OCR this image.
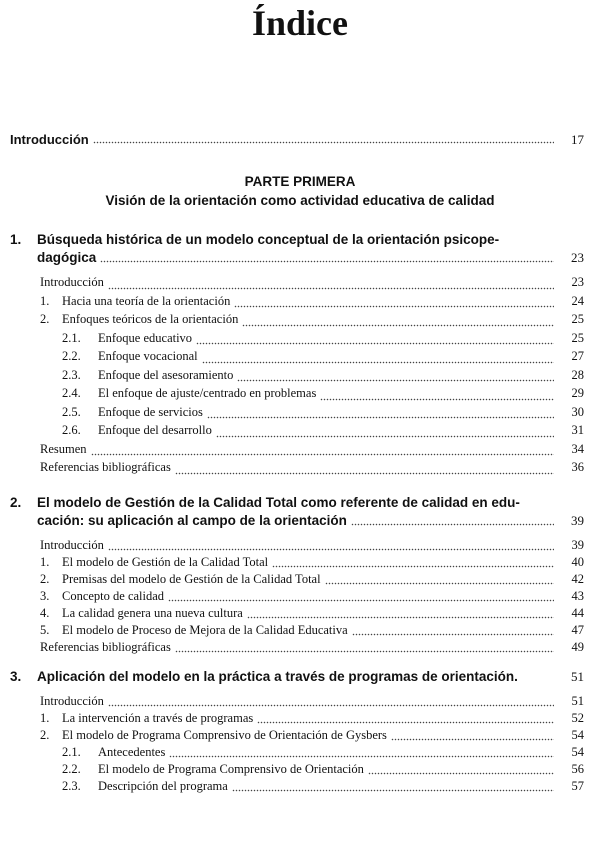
Índice
Introducción	17
PARTE PRIMERA
Visión de la orientación como actividad educativa de calidad
1.	Búsqueda histórica de un modelo conceptual de la orientación psicope-
dagógica	23
Introducción	23
1.	Hacia una teoría de la orientación	24
2.	Enfoques teóricos de la orientación	25
2.1.	Enfoque educativo	25
2.2.	Enfoque vocacional	27
2.3.	Enfoque del asesoramiento	28
2.4.	El enfoque de ajuste/centrado en problemas	29
2.5.	Enfoque de servicios	30
2.6.	Enfoque del desarrollo	31
Resumen	34
Referencias bibliográficas	36
2.	El modelo de Gestión de la Calidad Total como referente de calidad en edu-
cación: su aplicación al campo de la orientación	39
Introducción	39
1.	El modelo de Gestión de la Calidad Total	40
2.	Premisas del modelo de Gestión de la Calidad Total	42
3.	Concepto de calidad	43
4.	La calidad genera una nueva cultura	44
5.	El modelo de Proceso de Mejora de la Calidad Educativa	47
Referencias bibliográficas	49
3.	Aplicación del modelo en la práctica a través de programas de orientación.	51
Introducción	51
1.	La intervención a través de programas	52
2.	El modelo de Programa Comprensivo de Orientación de Gysbers	54
2.1.	Antecedentes	54
2.2.	El modelo de Programa Comprensivo de Orientación	56
2.3.	Descripción del programa	57
